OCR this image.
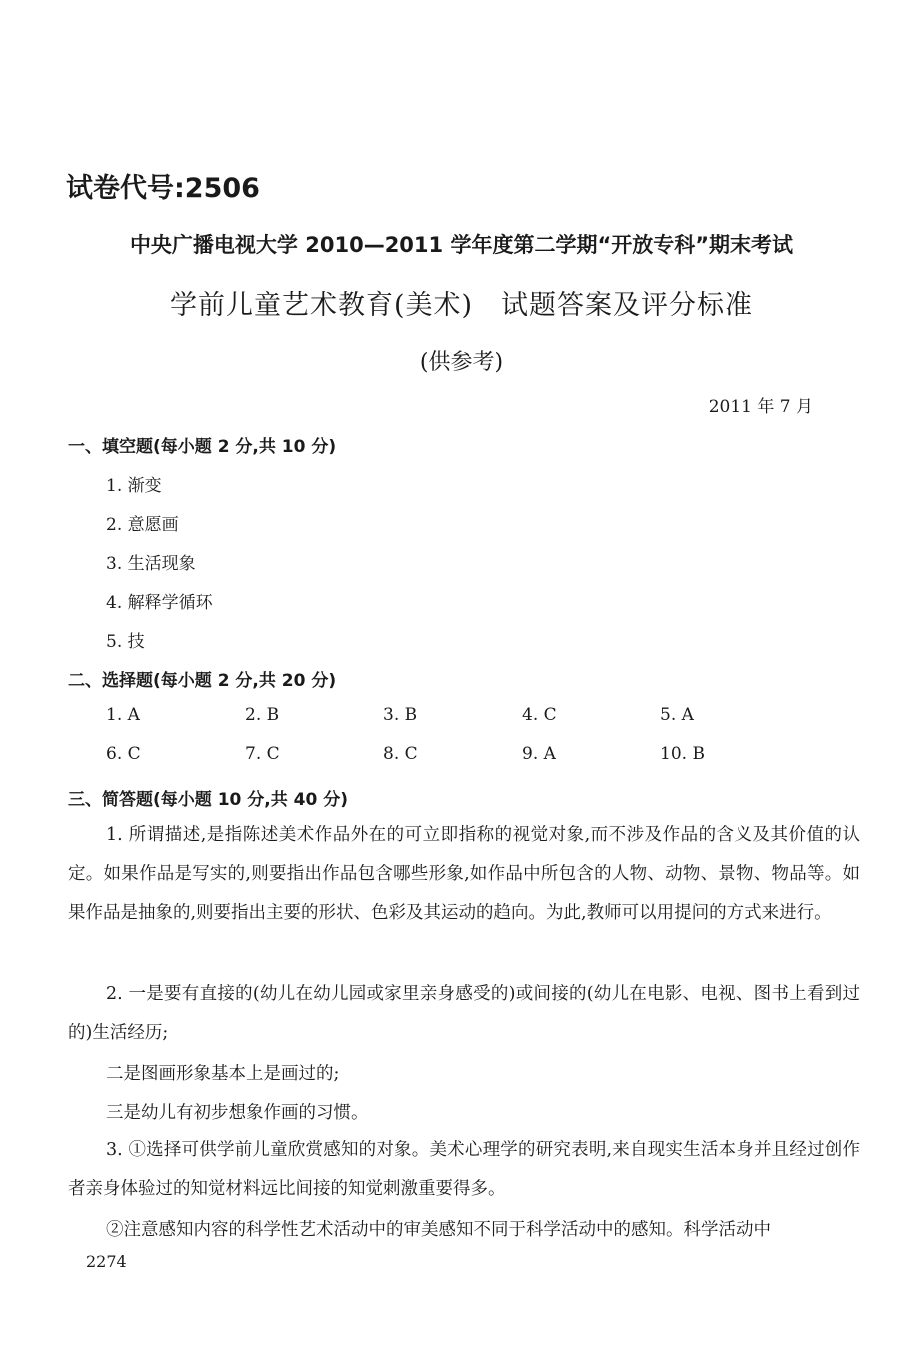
试卷代号:2506
中央广播电视大学 2010—2011 学年度第二学期“开放专科”期末考试
学前儿童艺术教育(美术)　试题答案及评分标准
(供参考)
2011 年 7 月
一、填空题(每小题 2 分,共 10 分)
1. 渐变
2. 意愿画
3. 生活现象
4. 解释学循环
5. 技
二、选择题(每小题 2 分,共 20 分)
1. A	2. B	3. B	4. C	5. A
6. C	7. C	8. C	9. A	10. B
三、简答题(每小题 10 分,共 40 分)
1. 所谓描述,是指陈述美术作品外在的可立即指称的视觉对象,而不涉及作品的含义及其价值的认定。如果作品是写实的,则要指出作品包含哪些形象,如作品中所包含的人物、动物、景物、物品等。如果作品是抽象的,则要指出主要的形状、色彩及其运动的趋向。为此,教师可以用提问的方式来进行。
2. 一是要有直接的(幼儿在幼儿园或家里亲身感受的)或间接的(幼儿在电影、电视、图书上看到过的)生活经历;
二是图画形象基本上是画过的;
三是幼儿有初步想象作画的习惯。
3. ①选择可供学前儿童欣赏感知的对象。美术心理学的研究表明,来自现实生活本身并且经过创作者亲身体验过的知觉材料远比间接的知觉刺激重要得多。
②注意感知内容的科学性艺术活动中的审美感知不同于科学活动中的感知。科学活动中
2274
